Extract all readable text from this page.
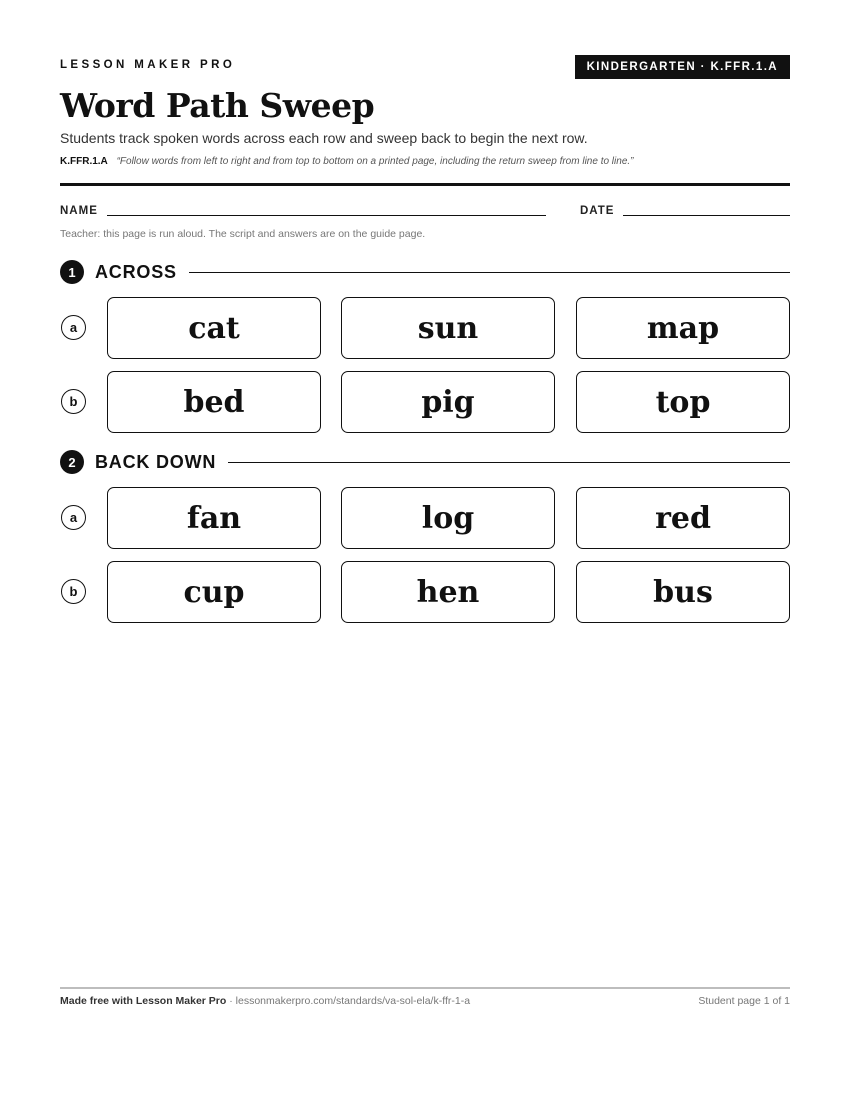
LESSON MAKER PRO	KINDERGARTEN · K.FFR.1.A
Word Path Sweep
Students track spoken words across each row and sweep back to begin the next row.
K.FFR.1.A “Follow words from left to right and from top to bottom on a printed page, including the return sweep from line to line.”
NAME	DATE
Teacher: this page is run aloud. The script and answers are on the guide page.
1	ACROSS
a	cat	sun	map
b	bed	pig	top
2	BACK DOWN
a	fan	log	red
b	cup	hen	bus
Made free with Lesson Maker Pro · lessonmakerpro.com/standards/va-sol-ela/k-ffr-1-a	Student page 1 of 1
